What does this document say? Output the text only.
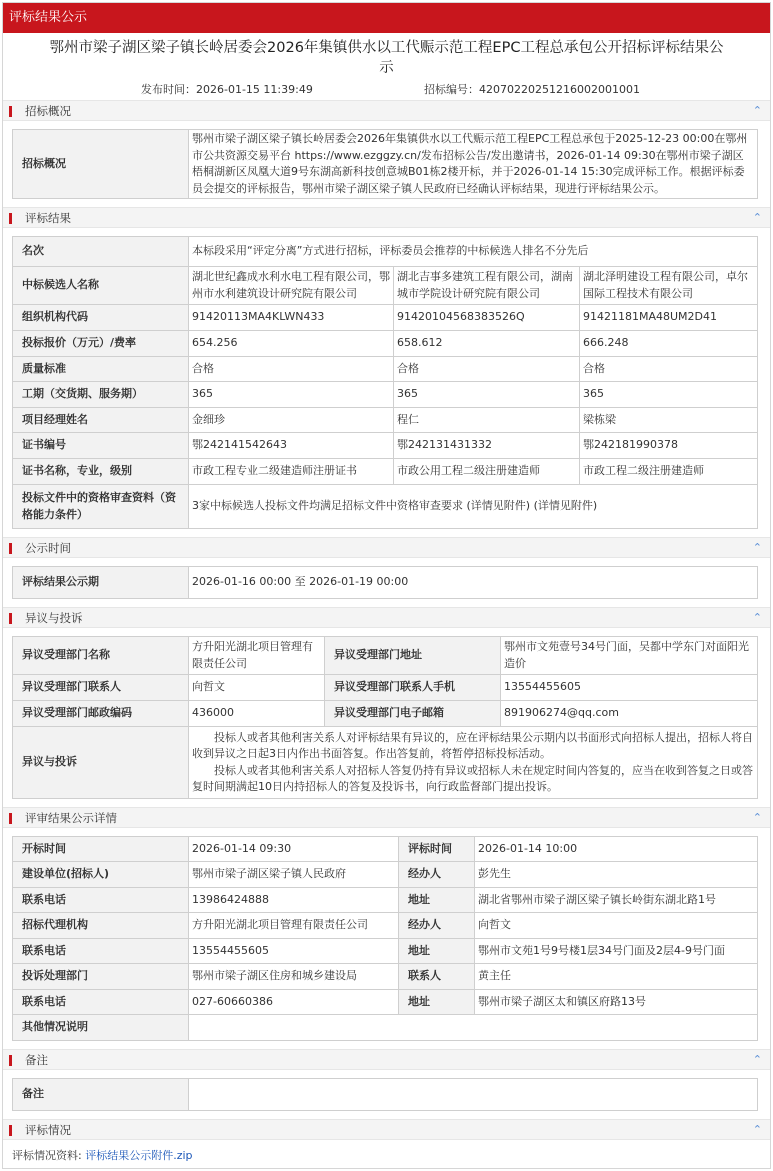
评标结果公示
鄂州市梁子湖区梁子镇长岭居委会2026年集镇供水以工代赈示范工程EPC工程总承包公开招标评标结果公示
发布时间：2026-01-15 11:39:49	招标编号：42070220251216002001001
招标概况	⌃
招标概况	鄂州市梁子湖区梁子镇长岭居委会2026年集镇供水以工代赈示范工程EPC工程总承包于2025-12-23 00:00在鄂州市公共资源交易平台 https://www.ezggzy.cn/发布招标公告/发出邀请书，2026-01-14 09:30在鄂州市梁子湖区梧桐湖新区凤凰大道9号东湖高新科技创意城B01栋2楼开标，并于2026-01-14 15:30完成评标工作。根据评标委员会提交的评标报告，鄂州市梁子湖区梁子镇人民政府已经确认评标结果，现进行评标结果公示。
评标结果	⌃
名次	本标段采用“评定分离”方式进行招标，评标委员会推荐的中标候选人排名不分先后		
中标候选人名称	湖北世纪鑫成水利水电工程有限公司，鄂州市水利建筑设计研究院有限公司	湖北吉事多建筑工程有限公司，湖南城市学院设计研究院有限公司	湖北泽明建设工程有限公司，卓尔国际工程技术有限公司
组织机构代码	91420113MA4KLWN433	91420104568383526Q	91421181MA48UM2D41
投标报价（万元）/费率	654.256	658.612	666.248
质量标准	合格	合格	合格
工期（交货期、服务期）	365	365	365
项目经理姓名	金细珍	程仁	梁栋梁
证书编号	鄂242141542643	鄂242131431332	鄂242181990378
证书名称，专业，级别	市政工程专业二级建造师注册证书	市政公用工程二级注册建造师	市政工程二级注册建造师
投标文件中的资格审查资料（资格能力条件）	3家中标候选人投标文件均满足招标文件中资格审查要求 (详情见附件) (详情见附件)		
公示时间	⌃
评标结果公示期	2026-01-16 00:00 至 2026-01-19 00:00
异议与投诉	⌃
异议受理部门名称	方升阳光湖北项目管理有限责任公司	异议受理部门地址	鄂州市文苑壹号34号门面，吴都中学东门对面阳光造价
异议受理部门联系人	向哲文	异议受理部门联系人手机	13554455605
异议受理部门邮政编码	436000	异议受理部门电子邮箱	891906274@qq.com
异议与投诉	投标人或者其他利害关系人对评标结果有异议的，应在评标结果公示期内以书面形式向招标人提出，招标人将自收到异议之日起3日内作出书面答复。作出答复前，将暂停招标投标活动。
投标人或者其他利害关系人对招标人答复仍持有异议或招标人未在规定时间内答复的，应当在收到答复之日或答复时间期满起10日内持招标人的答复及投诉书，向行政监督部门提出投诉。		
评审结果公示详情	⌃
开标时间	2026-01-14 09:30	评标时间	2026-01-14 10:00
建设单位(招标人)	鄂州市梁子湖区梁子镇人民政府	经办人	彭先生
联系电话	13986424888	地址	湖北省鄂州市梁子湖区梁子镇长岭街东湖北路1号
招标代理机构	方升阳光湖北项目管理有限责任公司	经办人	向哲文
联系电话	13554455605	地址	鄂州市文苑1号9号楼1层34号门面及2层4-9号门面
投诉处理部门	鄂州市梁子湖区住房和城乡建设局	联系人	黄主任
联系电话	027-60660386	地址	鄂州市梁子湖区太和镇区府路13号
其他情况说明			
备注	⌃
备注	
评标情况	⌃
评标情况资料: 评标结果公示附件.zip
